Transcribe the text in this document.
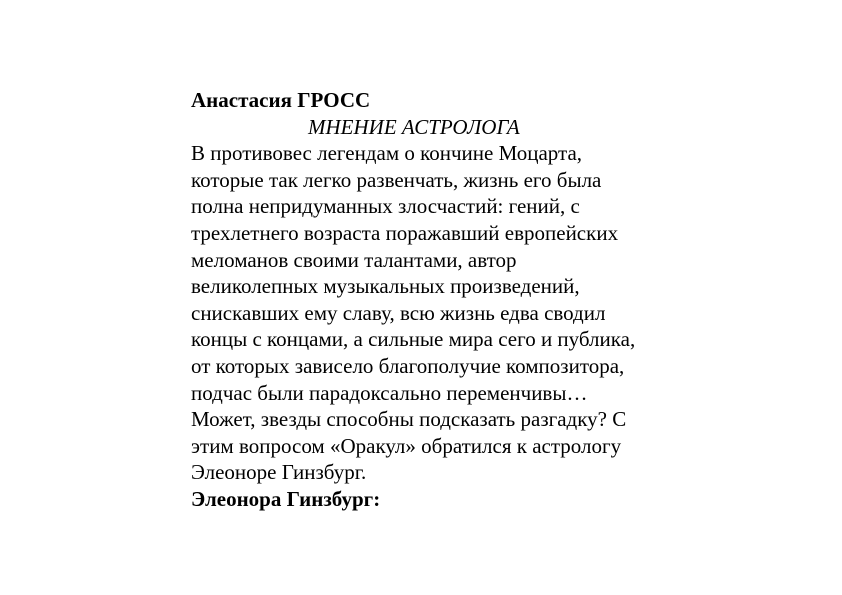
Анастасия ГРОСС

МНЕНИЕ АСТРОЛОГА

В противовес легендам о кончине Моцарта,

которые так легко развенчать, жизнь его была

полна непридуманных злосчастий: гений, с

трехлетнего возраста поражавший европейских

меломанов своими талантами, автор

великолепных музыкальных произведений,

снискавших ему славу, всю жизнь едва сводил

концы с концами, а сильные мира сего и публика,

от которых зависело благополучие композитора,

подчас были парадоксально переменчивы…

Может, звезды способны подсказать разгадку? С

этим вопросом «Оракул» обратился к астрологу

Элеоноре Гинзбург.

Элеонора Гинзбург:
